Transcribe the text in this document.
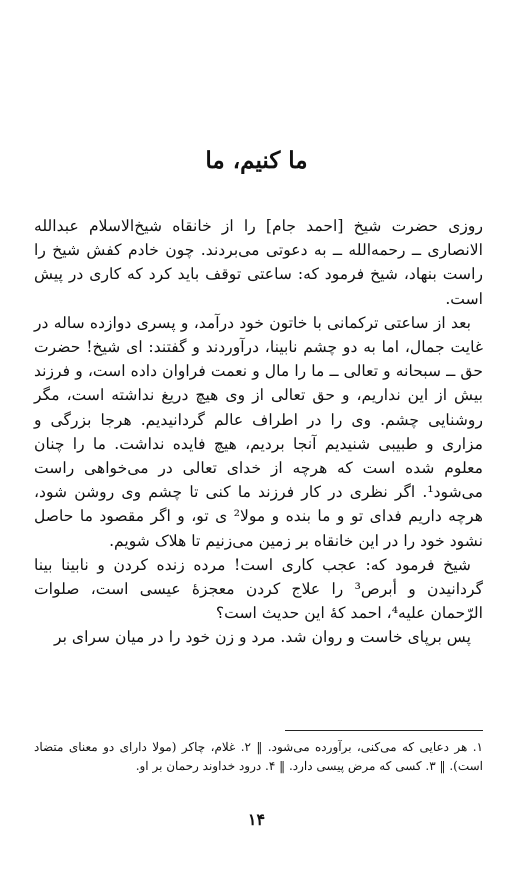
ما کنیم، ما

روزی حضرت شیخ [احمد جام] را از خانقاه شیخ‌الاسلام عبدالله الانصاری ــ رحمه‌الله ــ به دعوتی می‌بردند. چون خادم کفش شیخ را راست بنهاد، شیخ فرمود که: ساعتی توقف باید کرد که کاری در پیش است.

بعد از ساعتی ترکمانی با خاتون خود درآمد، و پسری دوازده ساله در غایت جمال، اما به دو چشم نابینا، درآوردند و گفتند: ای شیخ! حضرت حق ــ سبحانه و تعالی ــ ما را مال و نعمت فراوان داده است، و فرزند بیش از این نداریم، و حق تعالی از وی هیچ دریغ نداشته است، مگر روشنایی چشم. وی را در اطراف عالم گردانیدیم. هرجا بزرگی و مزاری و طبیبی شنیدیم آنجا بردیم، هیچ فایده نداشت. ما را چنان معلوم شده است که هرچه از خدای تعالی در می‌خواهی راست می‌شود¹. اگر نظری در کار فرزند ما کنی تا چشم وی روشن شود، هرچه داریم فدای تو و ما بنده و مولا² ی تو، و اگر مقصود ما حاصل نشود خود را در این خانقاه بر زمین می‌زنیم تا هلاک شویم.

شیخ فرمود که: عجب کاری است! مرده زنده کردن و نابینا بینا گردانیدن و أبرص³ را علاج کردن معجزهٔ عیسی است، صلوات الرّحمان علیه⁴، احمد کهٔ این حدیث است؟

پس برپای خاست و روان شد. مرد و زن خود را در میان سرای بر

۱. هر دعایی که می‌کنی، برآورده می‌شود. ‖ ۲. غلام، چاکر (مولا دارای دو معنای متضاد است). ‖ ۳. کسی که مرض پیسی دارد. ‖ ۴. درود خداوند رحمان بر او.

۱۴
